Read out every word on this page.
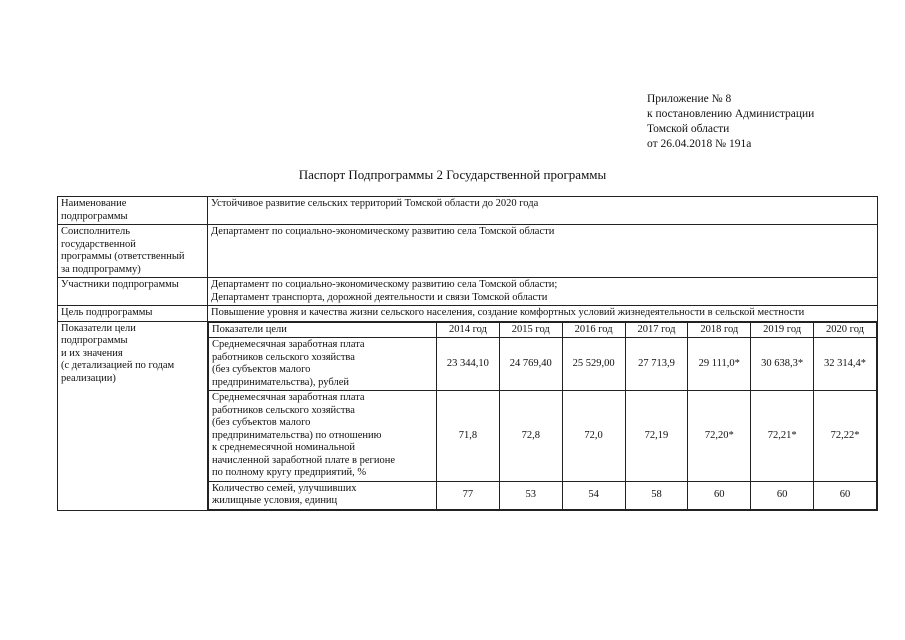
Приложение № 8
к постановлению Администрации
Томской области
от 26.04.2018 № 191а
Паспорт Подпрограммы 2 Государственной программы
Наименование
подпрограммы	Устойчивое развитие сельских территорий Томской области до 2020 года
Соисполнитель
государственной
программы (ответственный
за подпрограмму)	Департамент по социально-экономическому развитию села Томской области
Участники подпрограммы	Департамент по социально-экономическому развитию села Томской области;
Департамент транспорта, дорожной деятельности и связи Томской области

Цель подпрограммы	Повышение уровня и качества жизни сельского населения, создание комфортных условий жизнедеятельности в сельской местности
Показатели цели
подпрограммы
и их значения
(с детализацией по годам
реализации)	
Показатели цели	2014 год	2015 год	2016 год	2017 год	2018 год	2019 год	2020 год
Среднемесячная заработная плата
работников сельского хозяйства
(без субъектов малого
предпринимательства), рублей	23 344,10	24 769,40	25 529,00	27 713,9	29 111,0*	30 638,3*	32 314,4*
Среднемесячная заработная плата
работников сельского хозяйства
(без субъектов малого
предпринимательства) по отношению
к среднемесячной номинальной
начисленной заработной плате в регионе
по полному кругу предприятий, %	71,8	72,8	72,0	72,19	72,20*	72,21*	72,22*
Количество семей, улучшивших
жилищные условия, единиц	77	53	54	58	60	60	60
